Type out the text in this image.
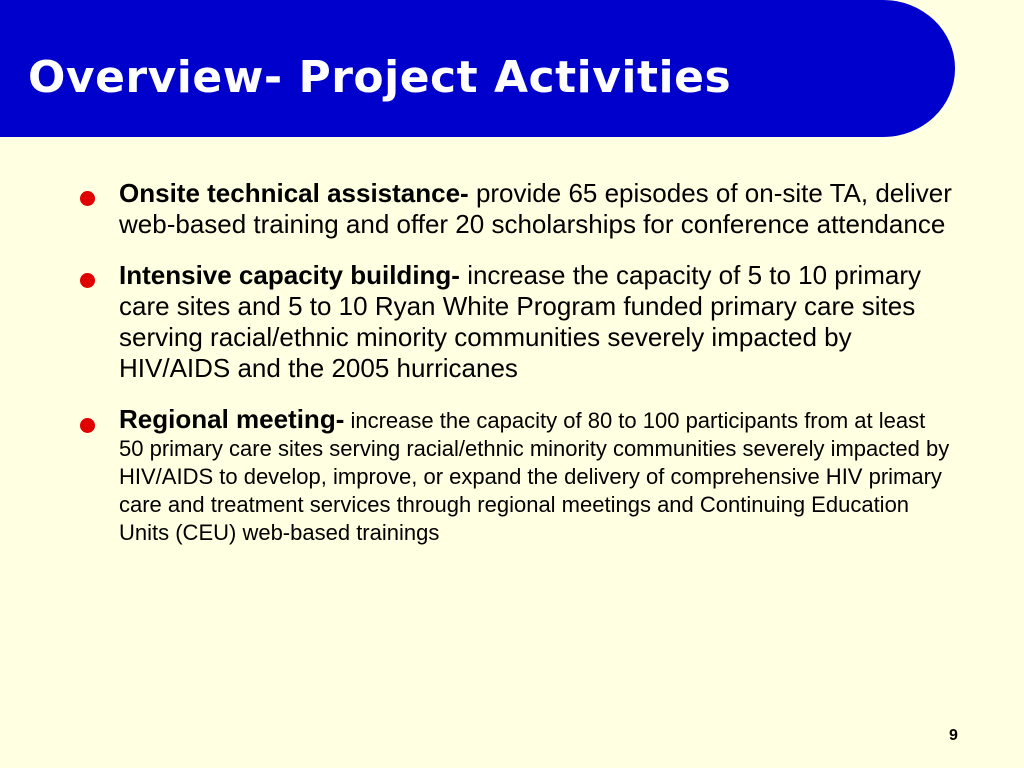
Overview- Project Activities
Onsite technical assistance- provide 65 episodes of on-site TA, deliver web-based training and offer 20 scholarships for conference attendance
Intensive capacity building- increase the capacity of 5 to 10 primary care sites and 5 to 10 Ryan White Program funded primary care sites serving racial/ethnic minority communities severely impacted by HIV/AIDS and the 2005 hurricanes
Regional meeting- increase the capacity of 80 to 100 participants from at least 50 primary care sites serving racial/ethnic minority communities severely impacted by HIV/AIDS to develop, improve, or expand the delivery of comprehensive HIV primary care and treatment services through regional meetings and Continuing Education Units (CEU) web-based trainings
9
